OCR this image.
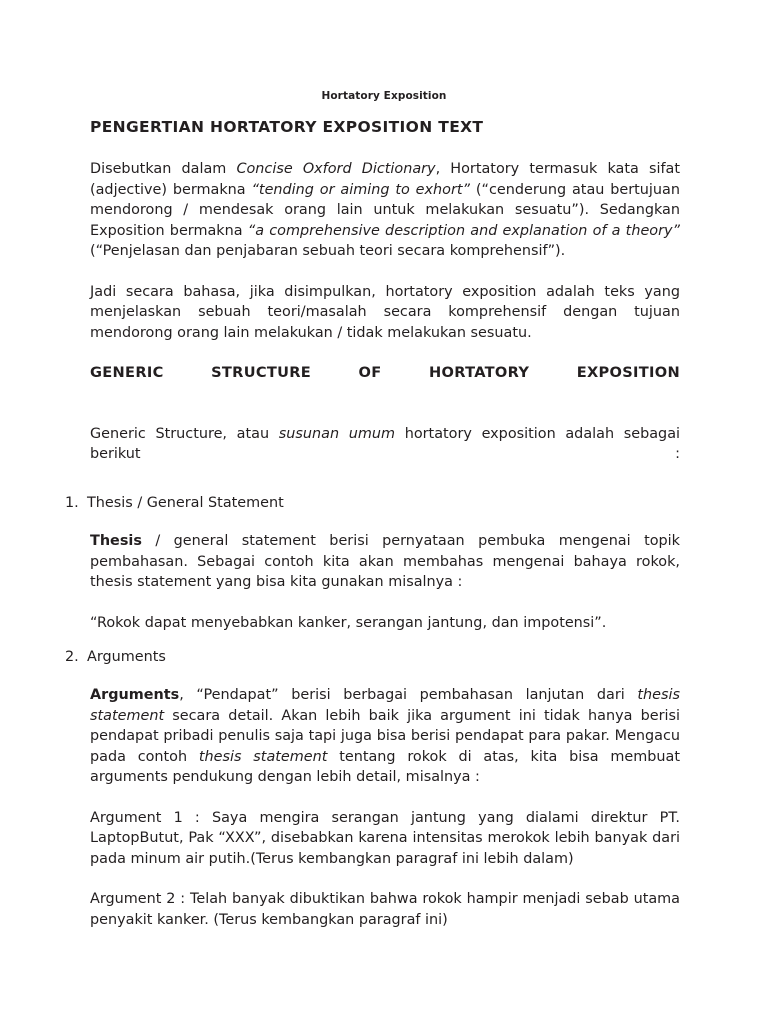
Hortatory Exposition
PENGERTIAN HORTATORY EXPOSITION TEXT

Disebutkan dalam Concise Oxford Dictionary, Hortatory termasuk kata sifat (adjective) bermakna “tending or aiming to exhort” (“cenderung atau bertujuan mendorong / mendesak orang lain untuk melakukan sesuatu”). Sedangkan Exposition bermakna “a comprehensive description and explanation of a theory” (“Penjelasan dan penjabaran sebuah teori secara komprehensif”).

Jadi secara bahasa, jika disimpulkan, hortatory exposition adalah teks yang menjelaskan sebuah teori/masalah secara komprehensif dengan tujuan mendorong orang lain melakukan / tidak melakukan sesuatu.

GENERIC STRUCTURE OF HORTATORY EXPOSITION

Generic Structure, atau susunan umum hortatory exposition adalah sebagai berikut	:

1. Thesis / General Statement

Thesis / general statement berisi pernyataan pembuka mengenai topik pembahasan. Sebagai contoh kita akan membahas mengenai bahaya rokok, thesis statement yang bisa kita gunakan misalnya :

“Rokok dapat menyebabkan kanker, serangan jantung, dan impotensi”.

2. Arguments

Arguments, “Pendapat” berisi berbagai pembahasan lanjutan dari thesis statement secara detail. Akan lebih baik jika argument ini tidak hanya berisi pendapat pribadi penulis saja tapi juga bisa berisi pendapat para pakar. Mengacu pada contoh thesis statement tentang rokok di atas, kita bisa membuat arguments pendukung dengan lebih detail, misalnya :

Argument 1 : Saya mengira serangan jantung yang dialami direktur PT. LaptopButut, Pak “XXX”, disebabkan karena intensitas merokok lebih banyak dari pada minum air putih.(Terus kembangkan paragraf ini lebih dalam)

Argument 2 : Telah banyak dibuktikan bahwa rokok hampir menjadi sebab utama penyakit kanker. (Terus kembangkan paragraf ini)
